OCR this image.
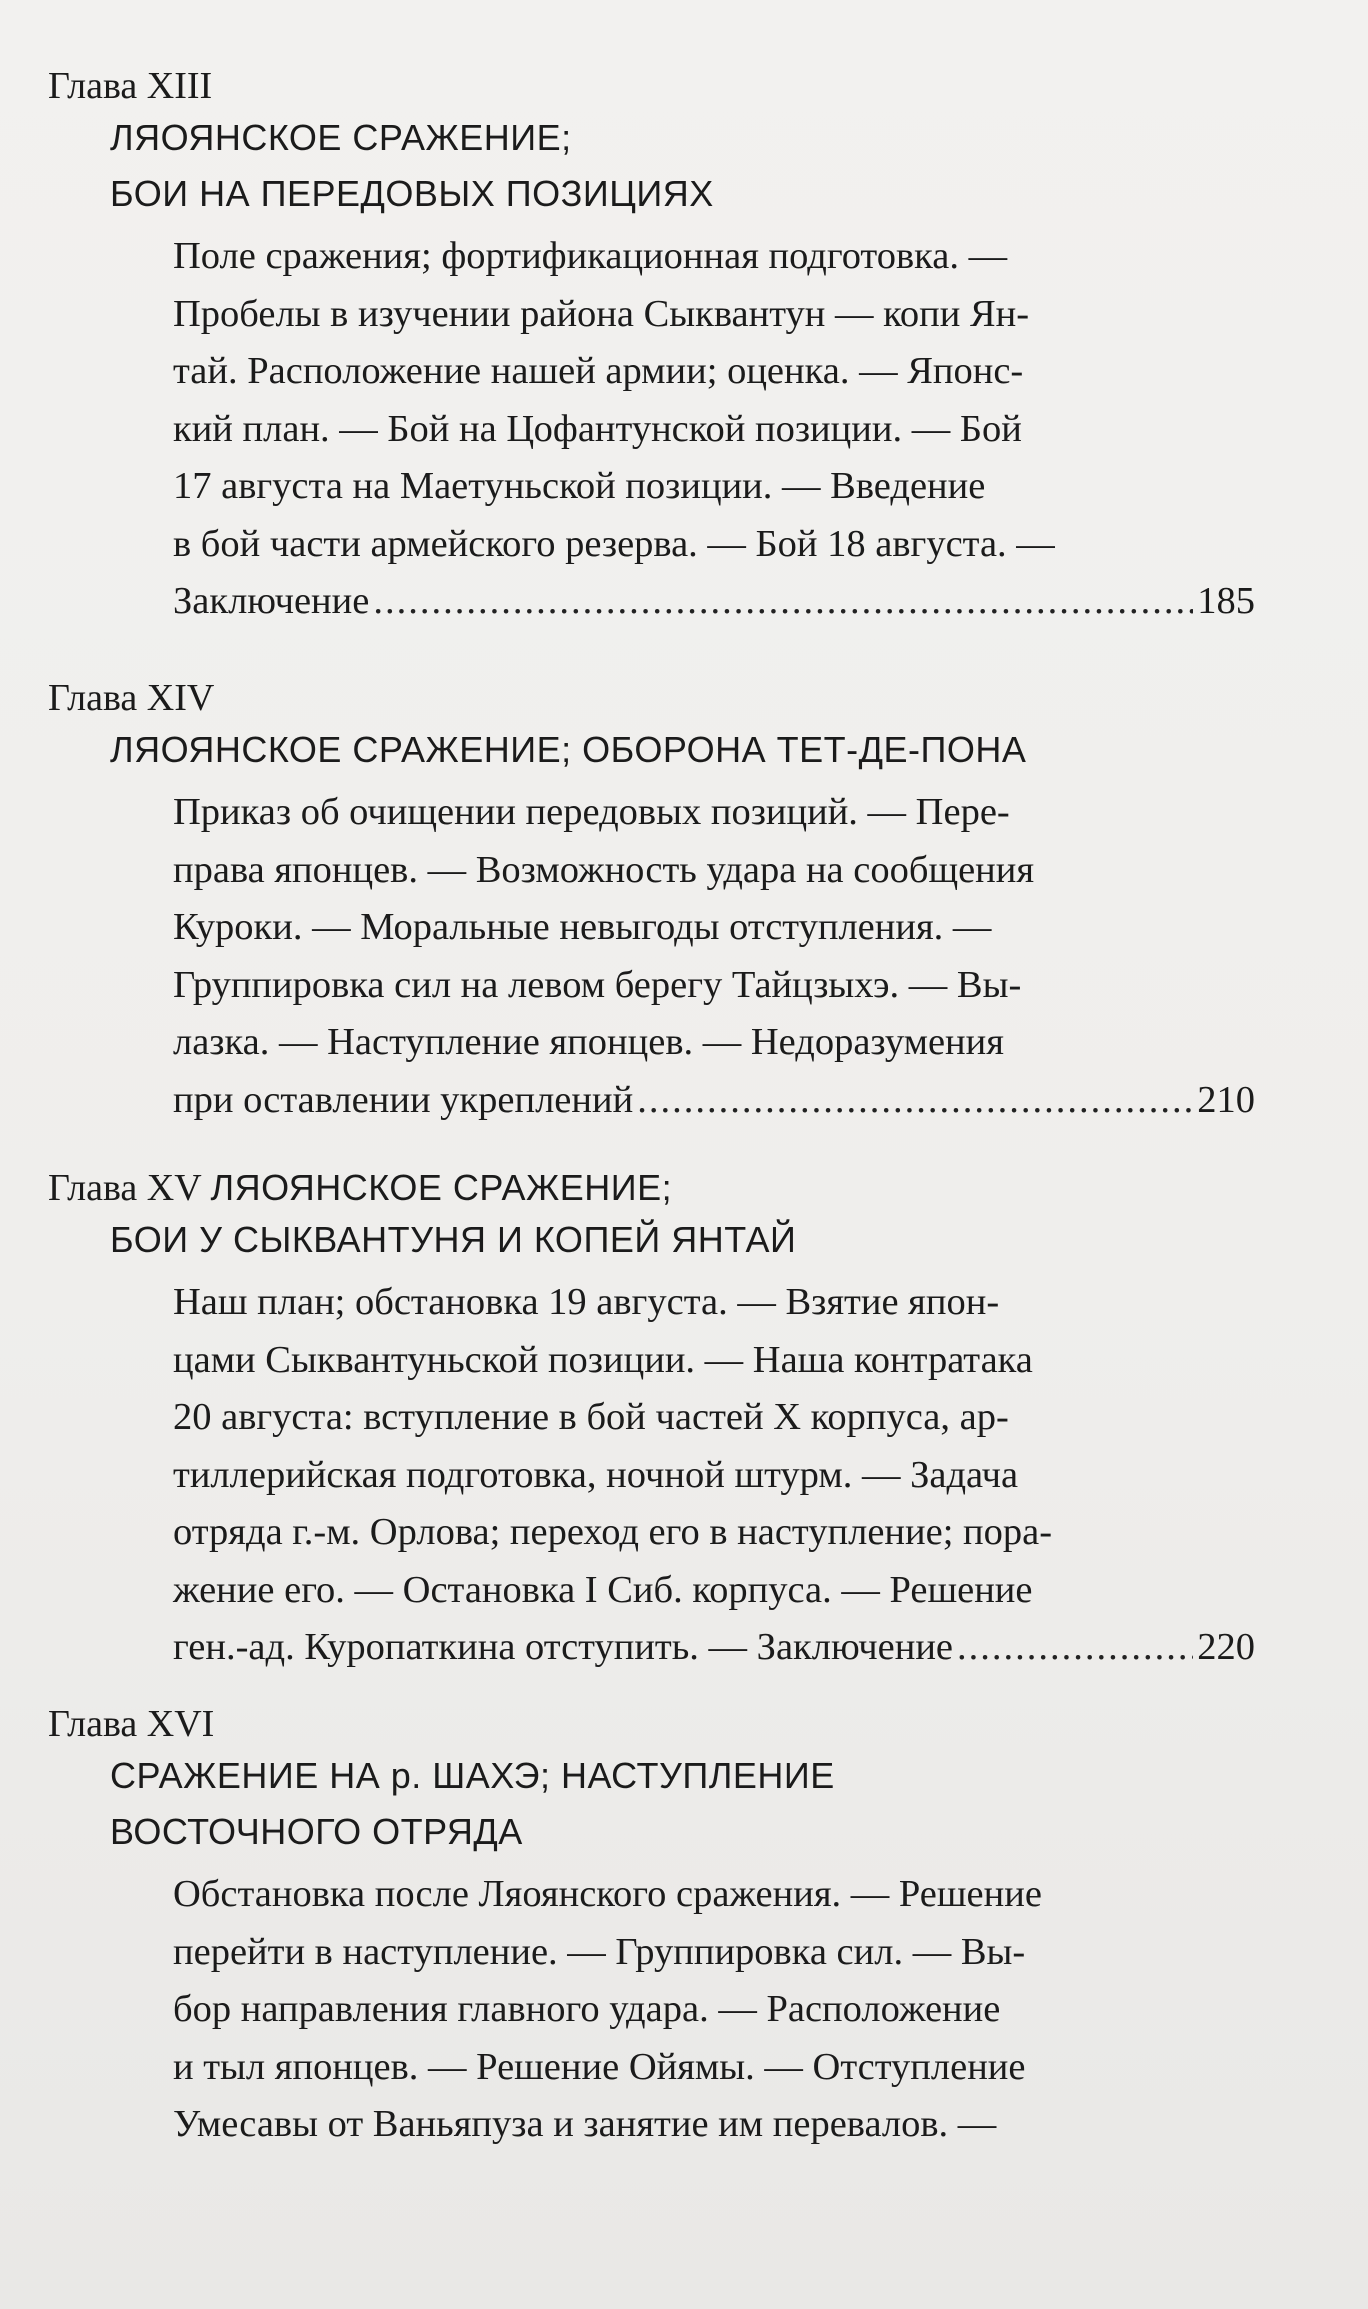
Глава XIII

ЛЯОЯНСКОЕ СРАЖЕНИЕ;

БОИ НА ПЕРЕДОВЫХ ПОЗИЦИЯХ

Поле сражения; фортификационная подготовка. —
Пробелы в изучении района Сыквантун — копи Ян-
тай. Расположение нашей армии; оценка. — Японс-
кий план. — Бой на Цофантунской позиции. — Бой
17 августа на Маетуньской позиции. — Введение
в бой части армейского резерва. — Бой 18 августа. —
Заключение .....	185

Глава XIV

ЛЯОЯНСКОЕ СРАЖЕНИЕ; ОБОРОНА ТЕТ-ДЕ-ПОНА

Приказ об очищении передовых позиций. — Пере-
права японцев. — Возможность удара на сообщения
Куроки. — Моральные невыгоды отступления. —
Группировка сил на левом берегу Тайцзыхэ. — Вы-
лазка. — Наступление японцев. — Недоразумения
при оставлении укреплений .....	210

Глава XV ЛЯОЯНСКОЕ СРАЖЕНИЕ;

БОИ У СЫКВАНТУНЯ И КОПЕЙ ЯНТАЙ

Наш план; обстановка 19 августа. — Взятие япон-
цами Сыквантуньской позиции. — Наша контратака
20 августа: вступление в бой частей X корпуса, ар-
тиллерийская подготовка, ночной штурм. — Задача
отряда г.-м. Орлова; переход его в наступление; пора-
жение его. — Остановка I Сиб. корпуса. — Решение
ген.-ад. Куропаткина отступить. — Заключение .....	220

Глава XVI

СРАЖЕНИЕ НА р. ШАХЭ; НАСТУПЛЕНИЕ

ВОСТОЧНОГО ОТРЯДА

Обстановка после Ляоянского сражения. — Решение
перейти в наступление. — Группировка сил. — Вы-
бор направления главного удара. — Расположение
и тыл японцев. — Решение Ойямы. — Отступление
Умесавы от Ваньяпуза и занятие им перевалов. —
